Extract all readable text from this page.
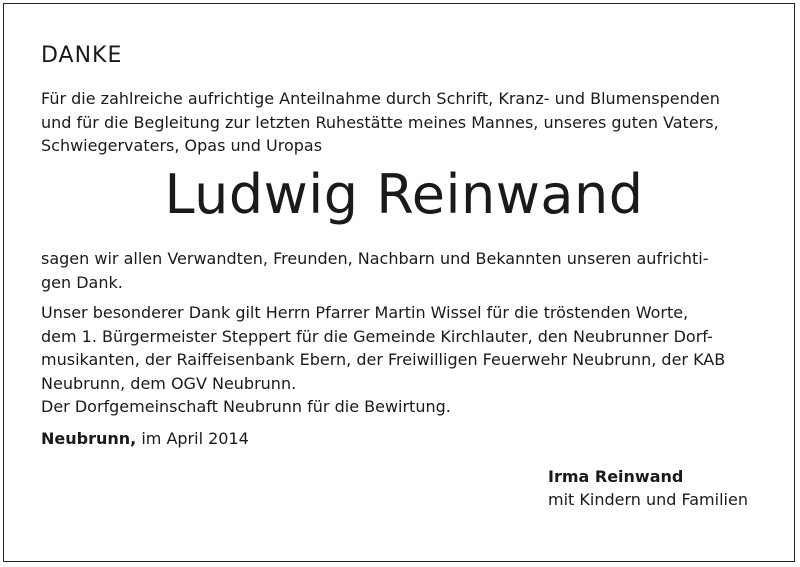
DANKE

Für die zahlreiche aufrichtige Anteilnahme durch Schrift, Kranz- und Blumenspenden
und für die Begleitung zur letzten Ruhestätte meines Mannes, unseres guten Vaters,
Schwiegervaters, Opas und Uropas

Ludwig Reinwand

sagen wir allen Verwandten, Freunden, Nachbarn und Bekannten unseren aufrichti-
gen Dank.

Unser besonderer Dank gilt Herrn Pfarrer Martin Wissel für die tröstenden Worte,
dem 1. Bürgermeister Steppert für die Gemeinde Kirchlauter, den Neubrunner Dorf-
musikanten, der Raiffeisenbank Ebern, der Freiwilligen Feuerwehr Neubrunn, der KAB
Neubrunn, dem OGV Neubrunn.
Der Dorfgemeinschaft Neubrunn für die Bewirtung.

Neubrunn, im April 2014
Irma Reinwand
mit Kindern und Familien
